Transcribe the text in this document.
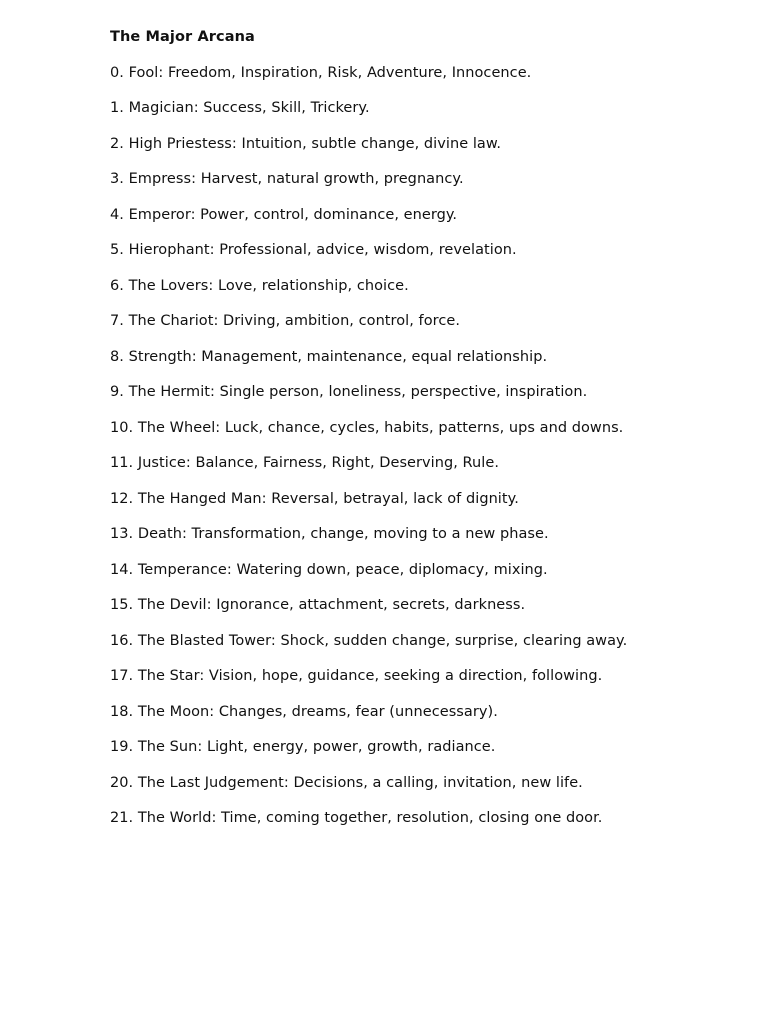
The Major Arcana
0. Fool: Freedom, Inspiration, Risk, Adventure, Innocence.
1. Magician: Success, Skill, Trickery.
2. High Priestess: Intuition, subtle change, divine law.
3. Empress: Harvest, natural growth, pregnancy.
4. Emperor: Power, control, dominance, energy.
5. Hierophant: Professional, advice, wisdom, revelation.
6. The Lovers: Love, relationship, choice.
7. The Chariot: Driving, ambition, control, force.
8. Strength: Management, maintenance, equal relationship.
9. The Hermit: Single person, loneliness, perspective, inspiration.
10. The Wheel: Luck, chance, cycles, habits, patterns, ups and downs.
11. Justice: Balance, Fairness, Right, Deserving, Rule.
12. The Hanged Man: Reversal, betrayal, lack of dignity.
13. Death: Transformation, change, moving to a new phase.
14. Temperance: Watering down, peace, diplomacy, mixing.
15. The Devil: Ignorance, attachment, secrets, darkness.
16. The Blasted Tower: Shock, sudden change, surprise, clearing away.
17. The Star: Vision, hope, guidance, seeking a direction, following.
18. The Moon: Changes, dreams, fear (unnecessary).
19. The Sun: Light, energy, power, growth, radiance.
20. The Last Judgement: Decisions, a calling, invitation, new life.
21. The World: Time, coming together, resolution, closing one door.
